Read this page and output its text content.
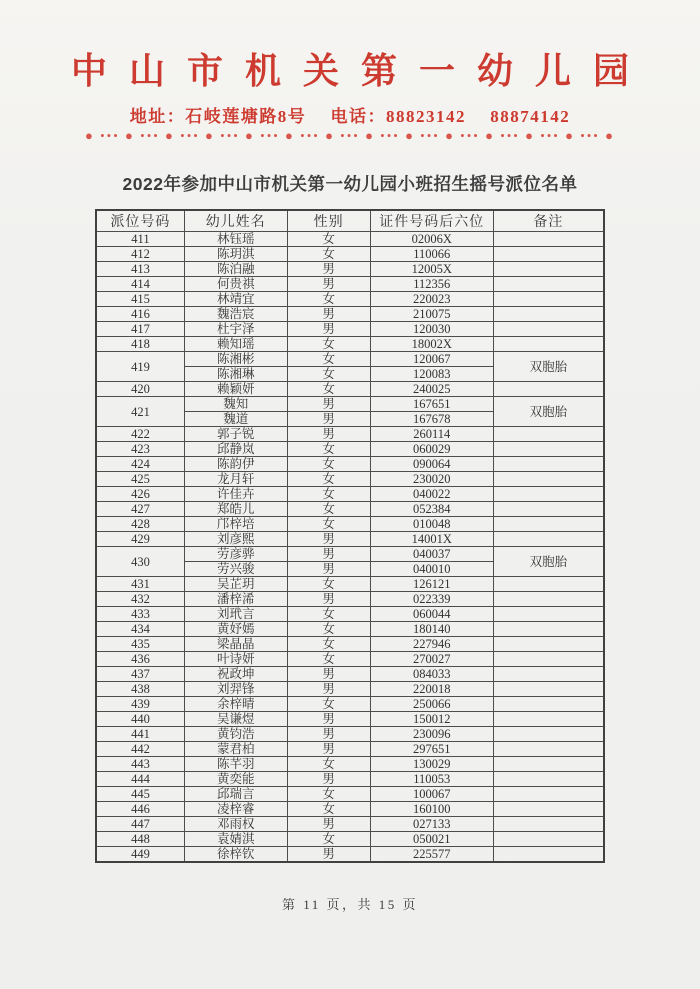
中山市机关第一幼儿园
地址：石岐莲塘路8号　 电话：88823142　 88874142
● ••• ● ••• ● ••• ● ••• ● ••• ● ••• ● ••• ● ••• ● ••• ● ••• ● ••• ● ••• ● ••• ●
2022年参加中山市机关第一幼儿园小班招生摇号派位名单
派位号码	幼儿姓名	性别	证件号码后六位	备注
411	林钰瑶	女	02006X	
412	陈玥淇	女	110066	
413	陈泊融	男	12005X	
414	何贵祺	男	112356	
415	林靖宜	女	220023	
416	魏浩宸	男	210075	
417	杜宇泽	男	120030	
418	赖知瑶	女	18002X	
419	陈湘彬	女	120067	双胞胎
	陈湘琳	女	120083	
420	赖颖妍	女	240025	
421	魏知	男	167651	双胞胎
	魏道	男	167678	
422	郭子锐	男	260114	
423	邱静岚	女	060029	
424	陈韵伊	女	090064	
425	龙月轩	女	230020	
426	许佳卉	女	040022	
427	郑皓儿	女	052384	
428	邝梓培	女	010048	
429	刘彦熙	男	14001X	
430	劳彦骅	男	040037	双胞胎
	劳兴骏	男	040010	
431	吴芷玥	女	126121	
432	潘梓浠	男	022339	
433	刘玳言	女	060044	
434	黄妤嫣	女	180140	
435	梁晶晶	女	227946	
436	叶诗妍	女	270027	
437	祝政坤	男	084033	
438	刘羿锋	男	220018	
439	余梓晴	女	250066	
440	吴谦煜	男	150012	
441	黄钧浩	男	230096	
442	蒙君柏	男	297651	
443	陈芊羽	女	130029	
444	黄奕能	男	110053	
445	邱瑞言	女	100067	
446	凌梓睿	女	160100	
447	邓雨权	男	027133	
448	袁婧淇	女	050021	
449	徐梓钦	男	225577	
第 11 页，共 15 页
